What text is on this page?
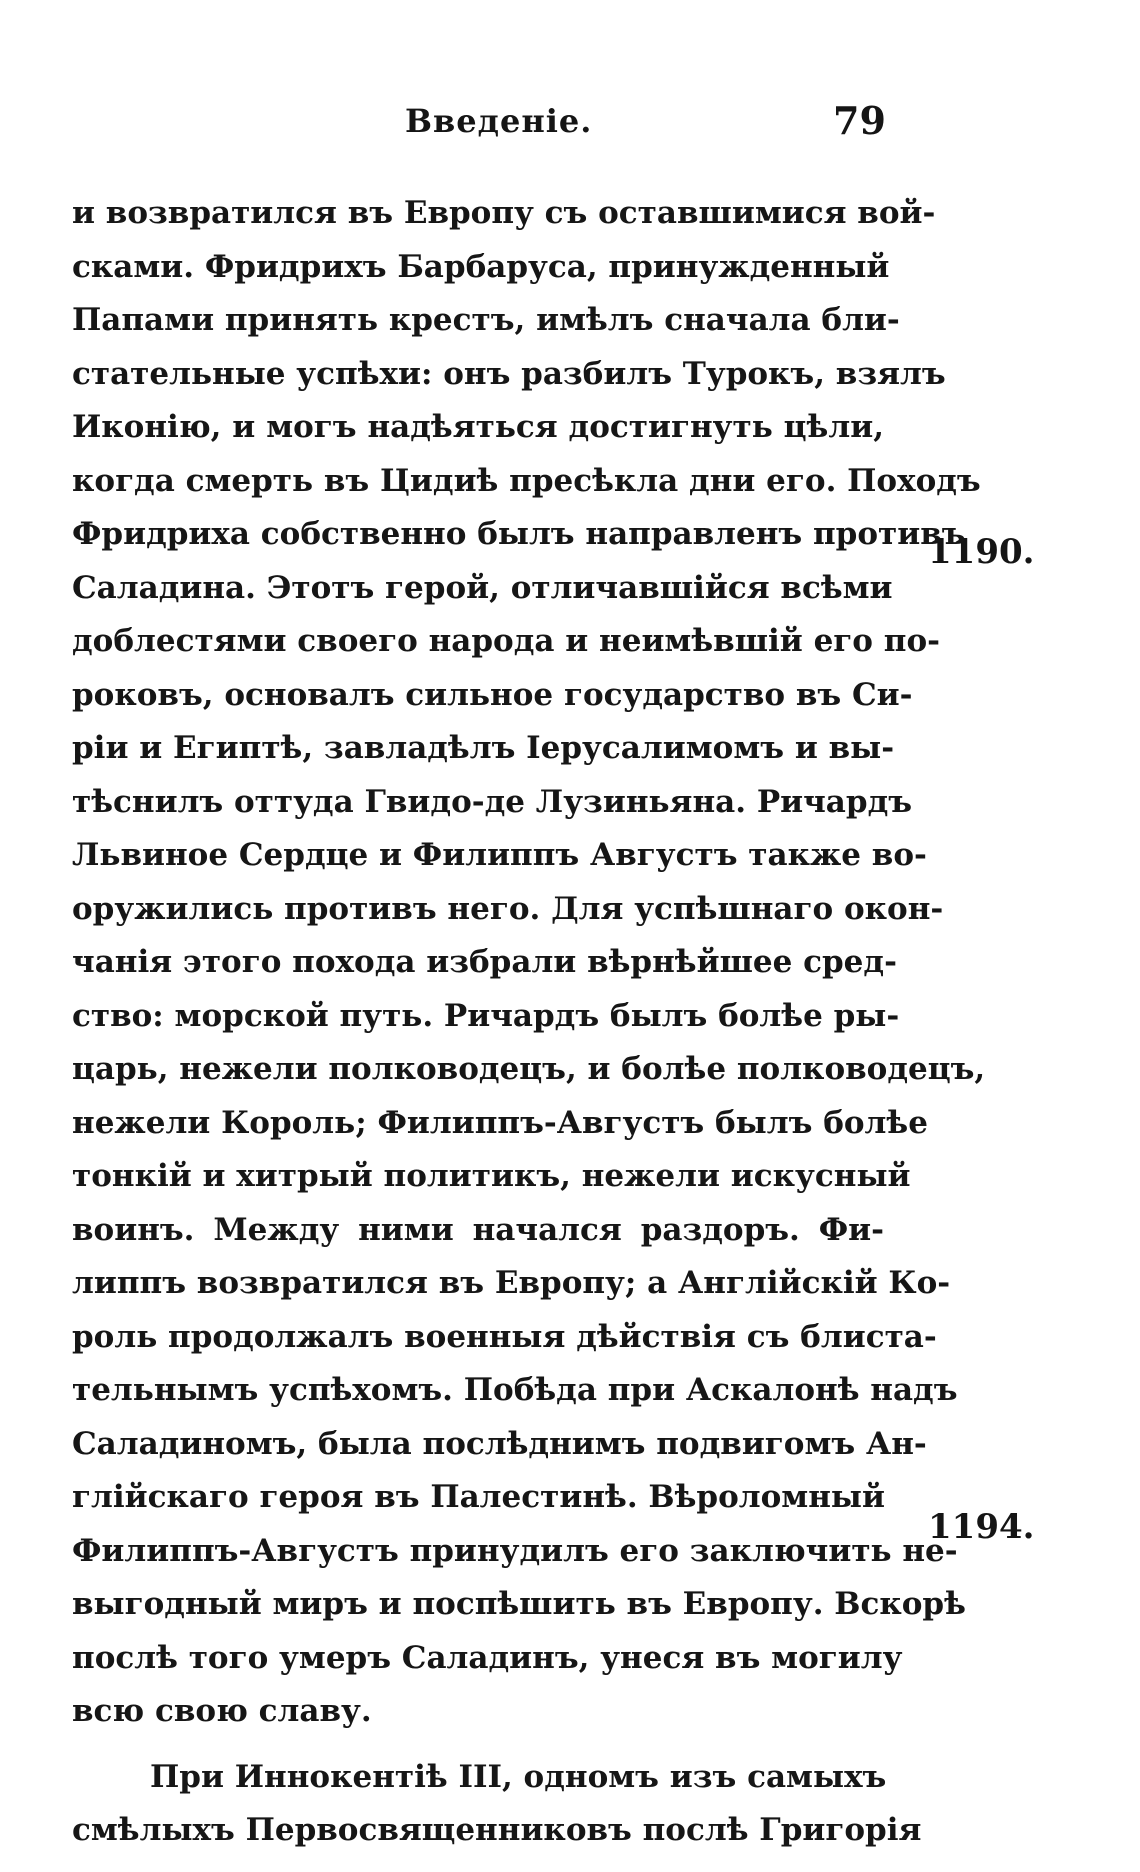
Введеніе.	79
1190.
1194.
и возвратился въ Европу съ оставшимися вой-
сками. Фридрихъ Барбаруса, принужденный
Папами принять крестъ, имѣлъ сначала бли-
стательные успѣхи: онъ разбилъ Турокъ, взялъ
Иконію, и могъ надѣяться достигнуть цѣли,
когда смерть въ Цидиѣ пресѣкла дни его. Походъ
Фридриха собственно былъ направленъ противъ
Саладина. Этотъ герой, отличавшійся всѣми
доблестями своего народа и неимѣвшій его по-
роковъ, основалъ сильное государство въ Си-
ріи и Египтѣ, завладѣлъ Іерусалимомъ и вы-
тѣснилъ оттуда Гвидо-де Лузиньяна. Ричардъ
Львиное Сердце и Филиппъ Августъ также во-
оружились противъ него. Для успѣшнаго окон-
чанія этого похода избрали вѣрнѣйшее сред-
ство: морской путь. Ричардъ былъ болѣе ры-
царь, нежели полководецъ, и болѣе полководецъ,
нежели Король; Филиппъ-Августъ былъ болѣе
тонкій и хитрый политикъ, нежели искусный
воинъ. Между ними начался раздоръ. Фи-
липпъ возвратился въ Европу; а Англійскій Ко-
роль продолжалъ военныя дѣйствія съ блиста-
тельнымъ успѣхомъ. Побѣда при Аскалонѣ надъ
Саладиномъ, была послѣднимъ подвигомъ Ан-
глійскаго героя въ Палестинѣ. Вѣроломный
Филиппъ-Августъ принудилъ его заключить не-
выгодный миръ и поспѣшить въ Европу. Вскорѣ
послѣ того умеръ Саладинъ, унеся въ могилу
всю свою славу.
При Иннокентіѣ III, одномъ изъ самыхъ
смѣлыхъ Первосвященниковъ послѣ Григорія
